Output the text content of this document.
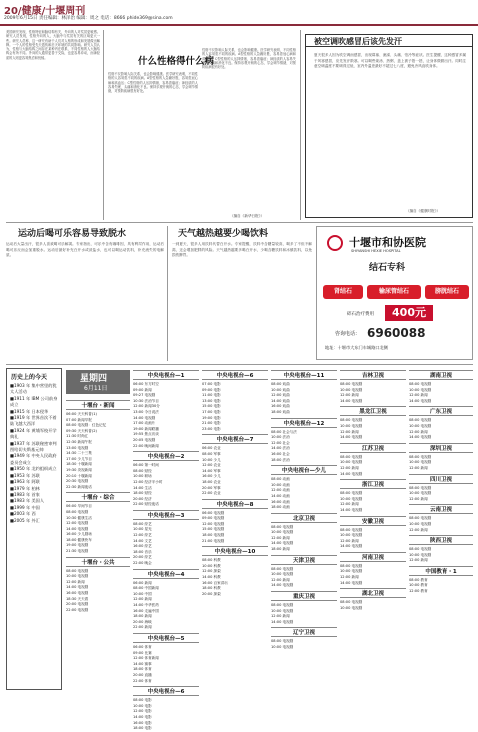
20/健康/十堰周刊
2009年6月15日 责任编辑：林泽治 编辑：周之 电话：8666 phide369@sina.com
美国研究发现，性格特征和脑结构有关，外向的人对奖赏更敏感。研究人员发现，性格外向的人，大脑中与奖赏有关的区域更大一些。研究人员称，这一研究有助于人们对人格的形成和发展做出解释。一个人的性格受先天遗传和后天环境的共同影响。研究人员认为，性格与大脑结构之间存在某种内在联系，不同性格的人大脑结构会有所不同。外向的人通常更善于交际，也更容易冲动，而神经质的人则更容易焦虑和忧郁。	什么性格得什么病
性格不仅影响人际关系，也会影响健康。医学研究表明，不同性格的人容易患不同的疾病。A型性格的人急躁好胜，容易患冠心病和高血压；C型性格的人压抑情绪，容易患癌症；神经质的人容易失眠、头痛和消化不良。保持乐观开朗的心态，学会调节情绪，对预防疾病很有好处。
性格不仅影响人际关系，也会影响健康。医学研究表明，不同性格的人容易患不同的疾病。A型性格的人急躁好胜，容易患冠心病和高血压；C型性格的人压抑情绪，容易患癌症；神经质的人容易失眠、头痛和消化不良。保持乐观开朗的心态，学会调节情绪，对预防疾病很有好处。
（摘自《新华日报》）
被空调吹感冒后该先发汗
夏天很多人因为吹空调而感冒，出现鼻塞、流涕、头痛、怕冷等症状。医生提醒，这种感冒多属于风寒感冒，应先发汗散寒。可以喝些姜汤、热粥，盖上被子捂一捂，让身体微微出汗。同时注意空调温度不要调得过低，室内外温差最好不超过七八度，避免冷风直吹身体。
（摘自《健康时报》）
运动后喝可乐容易导致脱水
运动后大量出汗，很多人喜欢喝可乐解渴。专家指出，可乐中含有咖啡因，具有利尿作用，运动后喝可乐反而会加重脱水。运动后最好补充白开水或淡盐水，也可以喝运动饮料，补充流失的电解质。
天气越热越要少喝饮料
一到夏天，很多人用饮料代替白开水。专家提醒，饮料中含糖量较高，喝多了不但不解渴，还会增加肥胖的风险。天气越热越要多喝白开水，少喝含糖饮料和冰镇饮料，以免损伤脾胃。
十堰市和协医院
SHIYANSHI HEXIE HOSPITAL
结石专科
肾结石	输尿管结石	膀胱结石
碎石治疗费用	400元
咨询电话： 6960088
地址：十堰市大东门车城路口北侧
历史上的今天
■1903 年 集中营里的犹太人活动
■1911 年 IBM 公司前身成立
■1915 年 日本侵华
■1919 年 世界首次不着陆飞越大西洋
■1924 年 黄埔军校开学典礼
■1937 年 苏联秘密审判图哈切夫斯基元帅
■1949 年 中央人民政府委员会成立
■1950 年 北约组织成立
■1953 年 苏联
■1963 年 阿联
■1979 年 柏林
■1983 年 首家
■1983 年 美国人
■1999 年 中国
■2003 年 西
■2005 年 外汇
星期四
6月11日
十堰台・新闻
06:00 天天科普(1)
07:00 新闻早报
08:00 电视剧：红色记忆
09:30 天天科普(2)
11:30 时尚汇
12:30 新闻午报
13:00 电视剧
14:30 二十三集
17:00 少儿节目
18:30 十堰新闻
19:30 央视新闻
20:10 十堰新闻
20:30 电视剧
22:30 新闻夜话
十堰台・综合
06:00 早间节目
08:00 电视剧
10:30 健康生活
12:00 电视剧
14:00 电视剧
16:00 少儿剧场
18:00 健康快车
19:00 电视剧
21:30 电视剧
十堰台・公共
08:00 电视剧
10:00 电视剧
12:00 新闻
14:00 电视剧
16:00 电视剧
18:30 天天看
20:00 电视剧
22:00 电视剧
中央电视台—1
06:00 东方时空
09:00 新闻
09:27 电视剧
10:30 法治节目
12:00 新闻30分
13:00 今日说法
14:00 电视剧
17:00 动画片
19:00 新闻联播
19:55 焦点访谈
20:05 电视剧
22:00 晚间新闻
中央电视台—2
06:00 第一时间
08:00 财经
10:00 职场
12:00 经济半小时
14:00 生活
18:00 财经
20:00 经济
22:00 财经夜话
中央电视台—3
08:00 综艺
10:00 星光
12:00 综艺
14:00 文艺
16:00 综艺
18:00 音乐
20:00 综艺
22:00 晚会
中央电视台—4
06:00 新闻
08:00 中国新闻
10:00 中国
12:00 新闻
14:00 中华医药
16:00 走遍中国
18:00 新闻
20:00 海峡
22:00 新闻
中央电视台—5
06:00 体育
09:00 比赛
12:00 体育新闻
14:00 赛事
18:00 体育
20:00 直播
22:00 体育
中央电视台—6
08:00 电影
10:00 电影
12:00 电影
14:00 电影
16:00 电影
18:00 电影
中央电视台—6
07:00 电影
09:00 电影
11:00 电影
13:00 电影
15:00 电影
17:00 电影
19:00 电影
21:00 电影
23:00 电影
中央电视台—7
06:00 农业
08:00 军事
10:00 少儿
12:00 农业
14:00 军事
16:00 少儿
18:00 农业
20:00 军事
22:00 农业
中央电视台—8
06:00 电视剧
09:00 电视剧
12:00 电视剧
15:00 电视剧
18:00 电视剧
21:00 电视剧
中央电视台—10
08:00 科教
10:00 科教
12:00 探索
14:00 科教
16:00 百家讲坛
18:00 科教
20:00 探索
中央电视台—11
08:00 戏曲
10:00 戏曲
12:00 戏曲
14:00 戏曲
16:00 戏曲
18:00 戏曲
中央电视台—12
08:00 社会与法
10:00 法治
12:00 社会
14:00 法治
16:00 社会
18:00 法治
中央电视台—少儿
08:00 动画
10:00 动画
12:00 动画
14:00 动画
16:00 动画
18:00 动画
北京卫视
08:00 电视剧
10:00 电视剧
12:00 新闻
14:00 电视剧
18:00 新闻
天津卫视
08:00 电视剧
10:00 电视剧
12:00 新闻
14:00 电视剧
重庆卫视
08:00 电视剧
10:00 电视剧
12:00 新闻
14:00 电视剧
辽宁卫视
08:00 电视剧
10:00 电视剧
吉林卫视
08:00 电视剧
10:00 电视剧
12:00 新闻
14:00 电视剧
黑龙江卫视
08:00 电视剧
10:00 电视剧
12:00 新闻
14:00 电视剧
江苏卫视
08:00 电视剧
10:00 电视剧
12:00 新闻
14:00 电视剧
浙江卫视
08:00 电视剧
10:00 电视剧
12:00 新闻
14:00 电视剧
安徽卫视
08:00 电视剧
10:00 电视剧
12:00 新闻
14:00 电视剧
河南卫视
08:00 电视剧
10:00 电视剧
12:00 新闻
14:00 电视剧
湖北卫视
08:00 电视剧
10:00 电视剧
湖南卫视
08:00 电视剧
10:00 电视剧
12:00 新闻
14:00 电视剧
广东卫视
08:00 电视剧
10:00 电视剧
12:00 新闻
14:00 电视剧
深圳卫视
08:00 电视剧
10:00 电视剧
12:00 新闻
四川卫视
08:00 电视剧
10:00 电视剧
12:00 新闻
云南卫视
08:00 电视剧
10:00 电视剧
12:00 新闻
陕西卫视
08:00 电视剧
10:00 电视剧
12:00 新闻
中国教育・1
08:00 教育
10:00 教育
12:00 教育
